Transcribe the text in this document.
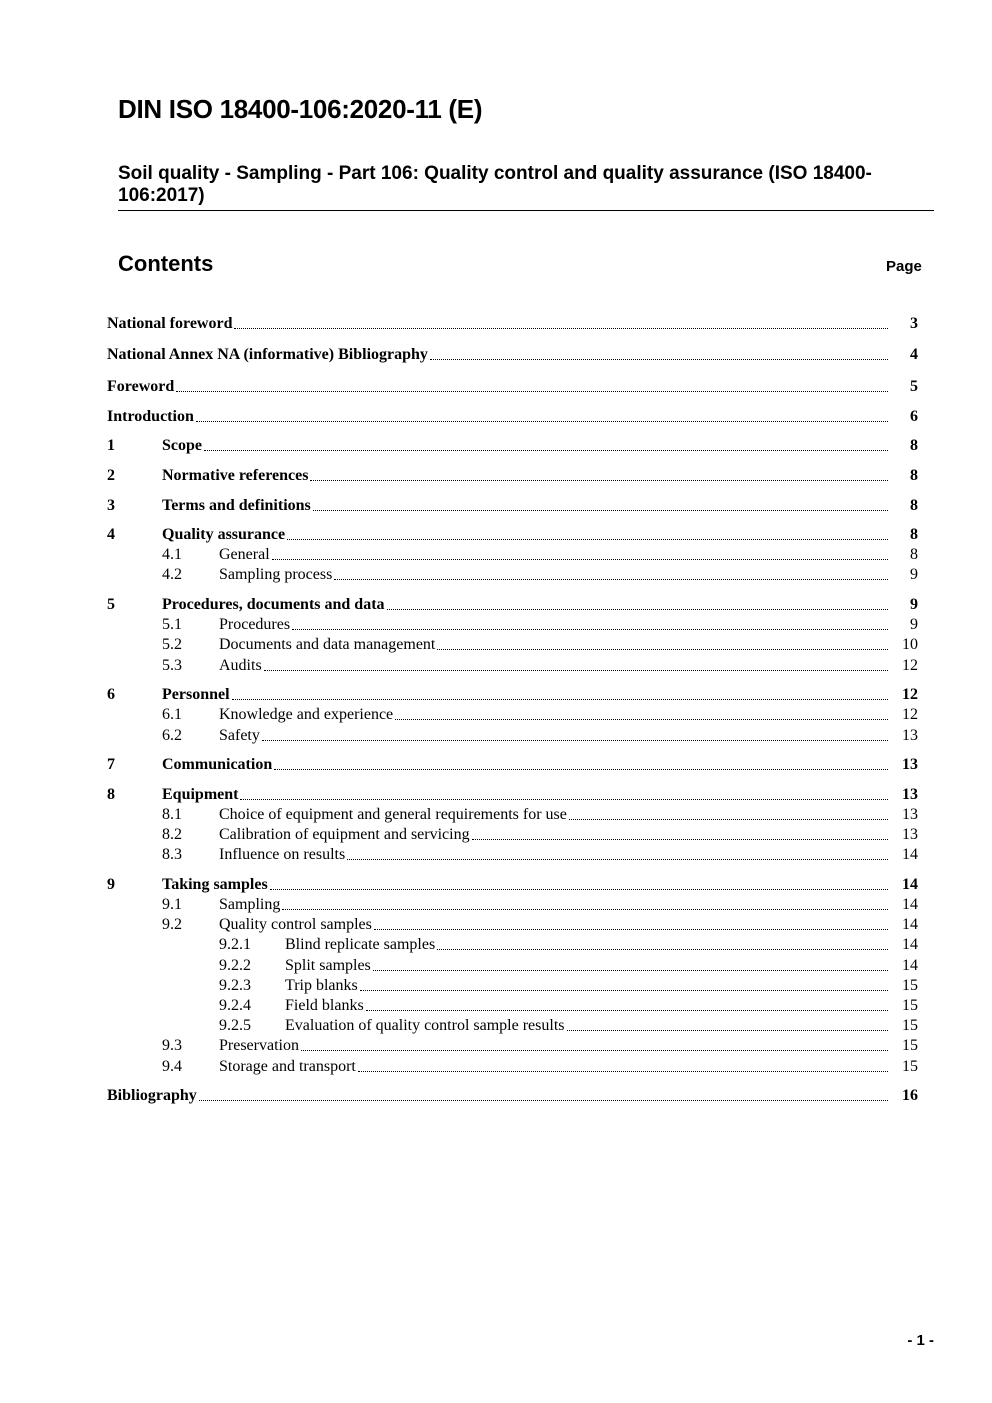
DIN ISO 18400-106:2020-11 (E)
Soil quality - Sampling - Part 106: Quality control and quality assurance (ISO 18400-106:2017)
Contents	Page
National foreword	3
National Annex NA (informative) Bibliography	4
Foreword	5
Introduction	6
1	Scope	8
2	Normative references	8
3	Terms and definitions	8
4	Quality assurance	8
4.1 General	8
4.2 Sampling process	9
5	Procedures, documents and data	9
5.1 Procedures	9
5.2 Documents and data management	10
5.3 Audits	12
6	Personnel	12
6.1 Knowledge and experience	12
6.2 Safety	13
7	Communication	13
8	Equipment	13
8.1 Choice of equipment and general requirements for use	13
8.2 Calibration of equipment and servicing	13
8.3 Influence on results	14
9	Taking samples	14
9.1 Sampling	14
9.2 Quality control samples	14
9.2.1 Blind replicate samples	14
9.2.2 Split samples	14
9.2.3 Trip blanks	15
9.2.4 Field blanks	15
9.2.5 Evaluation of quality control sample results	15
9.3 Preservation	15
9.4 Storage and transport	15
Bibliography	16
- 1 -
